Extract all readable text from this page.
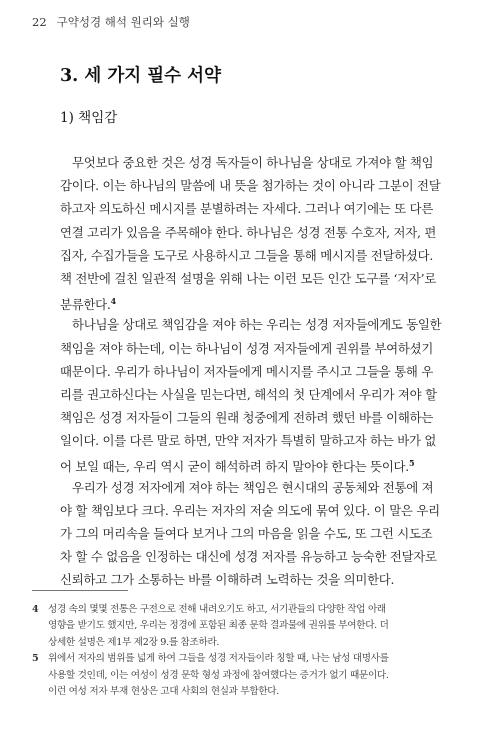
22 구약성경 해석 원리와 실행
3. 세 가지 필수 서약
1) 책임감
무엇보다 중요한 것은 성경 독자들이 하나님을 상대로 가져야 할 책임
감이다. 이는 하나님의 말씀에 내 뜻을 첨가하는 것이 아니라 그분이 전달
하고자 의도하신 메시지를 분별하려는 자세다. 그러나 여기에는 또 다른
연결 고리가 있음을 주목해야 한다. 하나님은 성경 전통 수호자, 저자, 편
집자, 수집가들을 도구로 사용하시고 그들을 통해 메시지를 전달하셨다.
책 전반에 걸친 일관적 설명을 위해 나는 이런 모든 인간 도구를 ‘저자’로
분류한다.$^4$
하나님을 상대로 책임감을 져야 하는 우리는 성경 저자들에게도 동일한
책임을 져야 하는데, 이는 하나님이 성경 저자들에게 권위를 부여하셨기
때문이다. 우리가 하나님이 저자들에게 메시지를 주시고 그들을 통해 우
리를 권고하신다는 사실을 믿는다면, 해석의 첫 단계에서 우리가 져야 할
책임은 성경 저자들이 그들의 원래 청중에게 전하려 했던 바를 이해하는
일이다. 이를 다른 말로 하면, 만약 저자가 특별히 말하고자 하는 바가 없
어 보일 때는, 우리 역시 굳이 해석하려 하지 말아야 한다는 뜻이다.$^5$
우리가 성경 저자에게 져야 하는 책임은 현시대의 공동체와 전통에 져
야 할 책임보다 크다. 우리는 저자의 저술 의도에 묶여 있다. 이 말은 우리
가 그의 머리속을 들여다 보거나 그의 마음을 읽을 수도, 또 그런 시도조
차 할 수 없음을 인정하는 대신에 성경 저자를 유능하고 능숙한 전달자로
신뢰하고 그가 소통하는 바를 이해하려 노력하는 것을 의미한다.
4 성경 속의 몇몇 전통은 구전으로 전해 내려오기도 하고, 서기관들의 다양한 작업 아래
영향을 받기도 했지만, 우리는 정경에 포함된 최종 문학 결과물에 권위를 부여한다. 더
상세한 설명은 제1부 제2장 9.를 참조하라.
5 위에서 저자의 범위를 넓게 하여 그들을 성경 저자들이라 칭할 때, 나는 남성 대명사를
사용할 것인데, 이는 여성이 성경 문학 형성 과정에 참여했다는 증거가 없기 때문이다.
이런 여성 저자 부재 현상은 고대 사회의 현실과 부합한다.
